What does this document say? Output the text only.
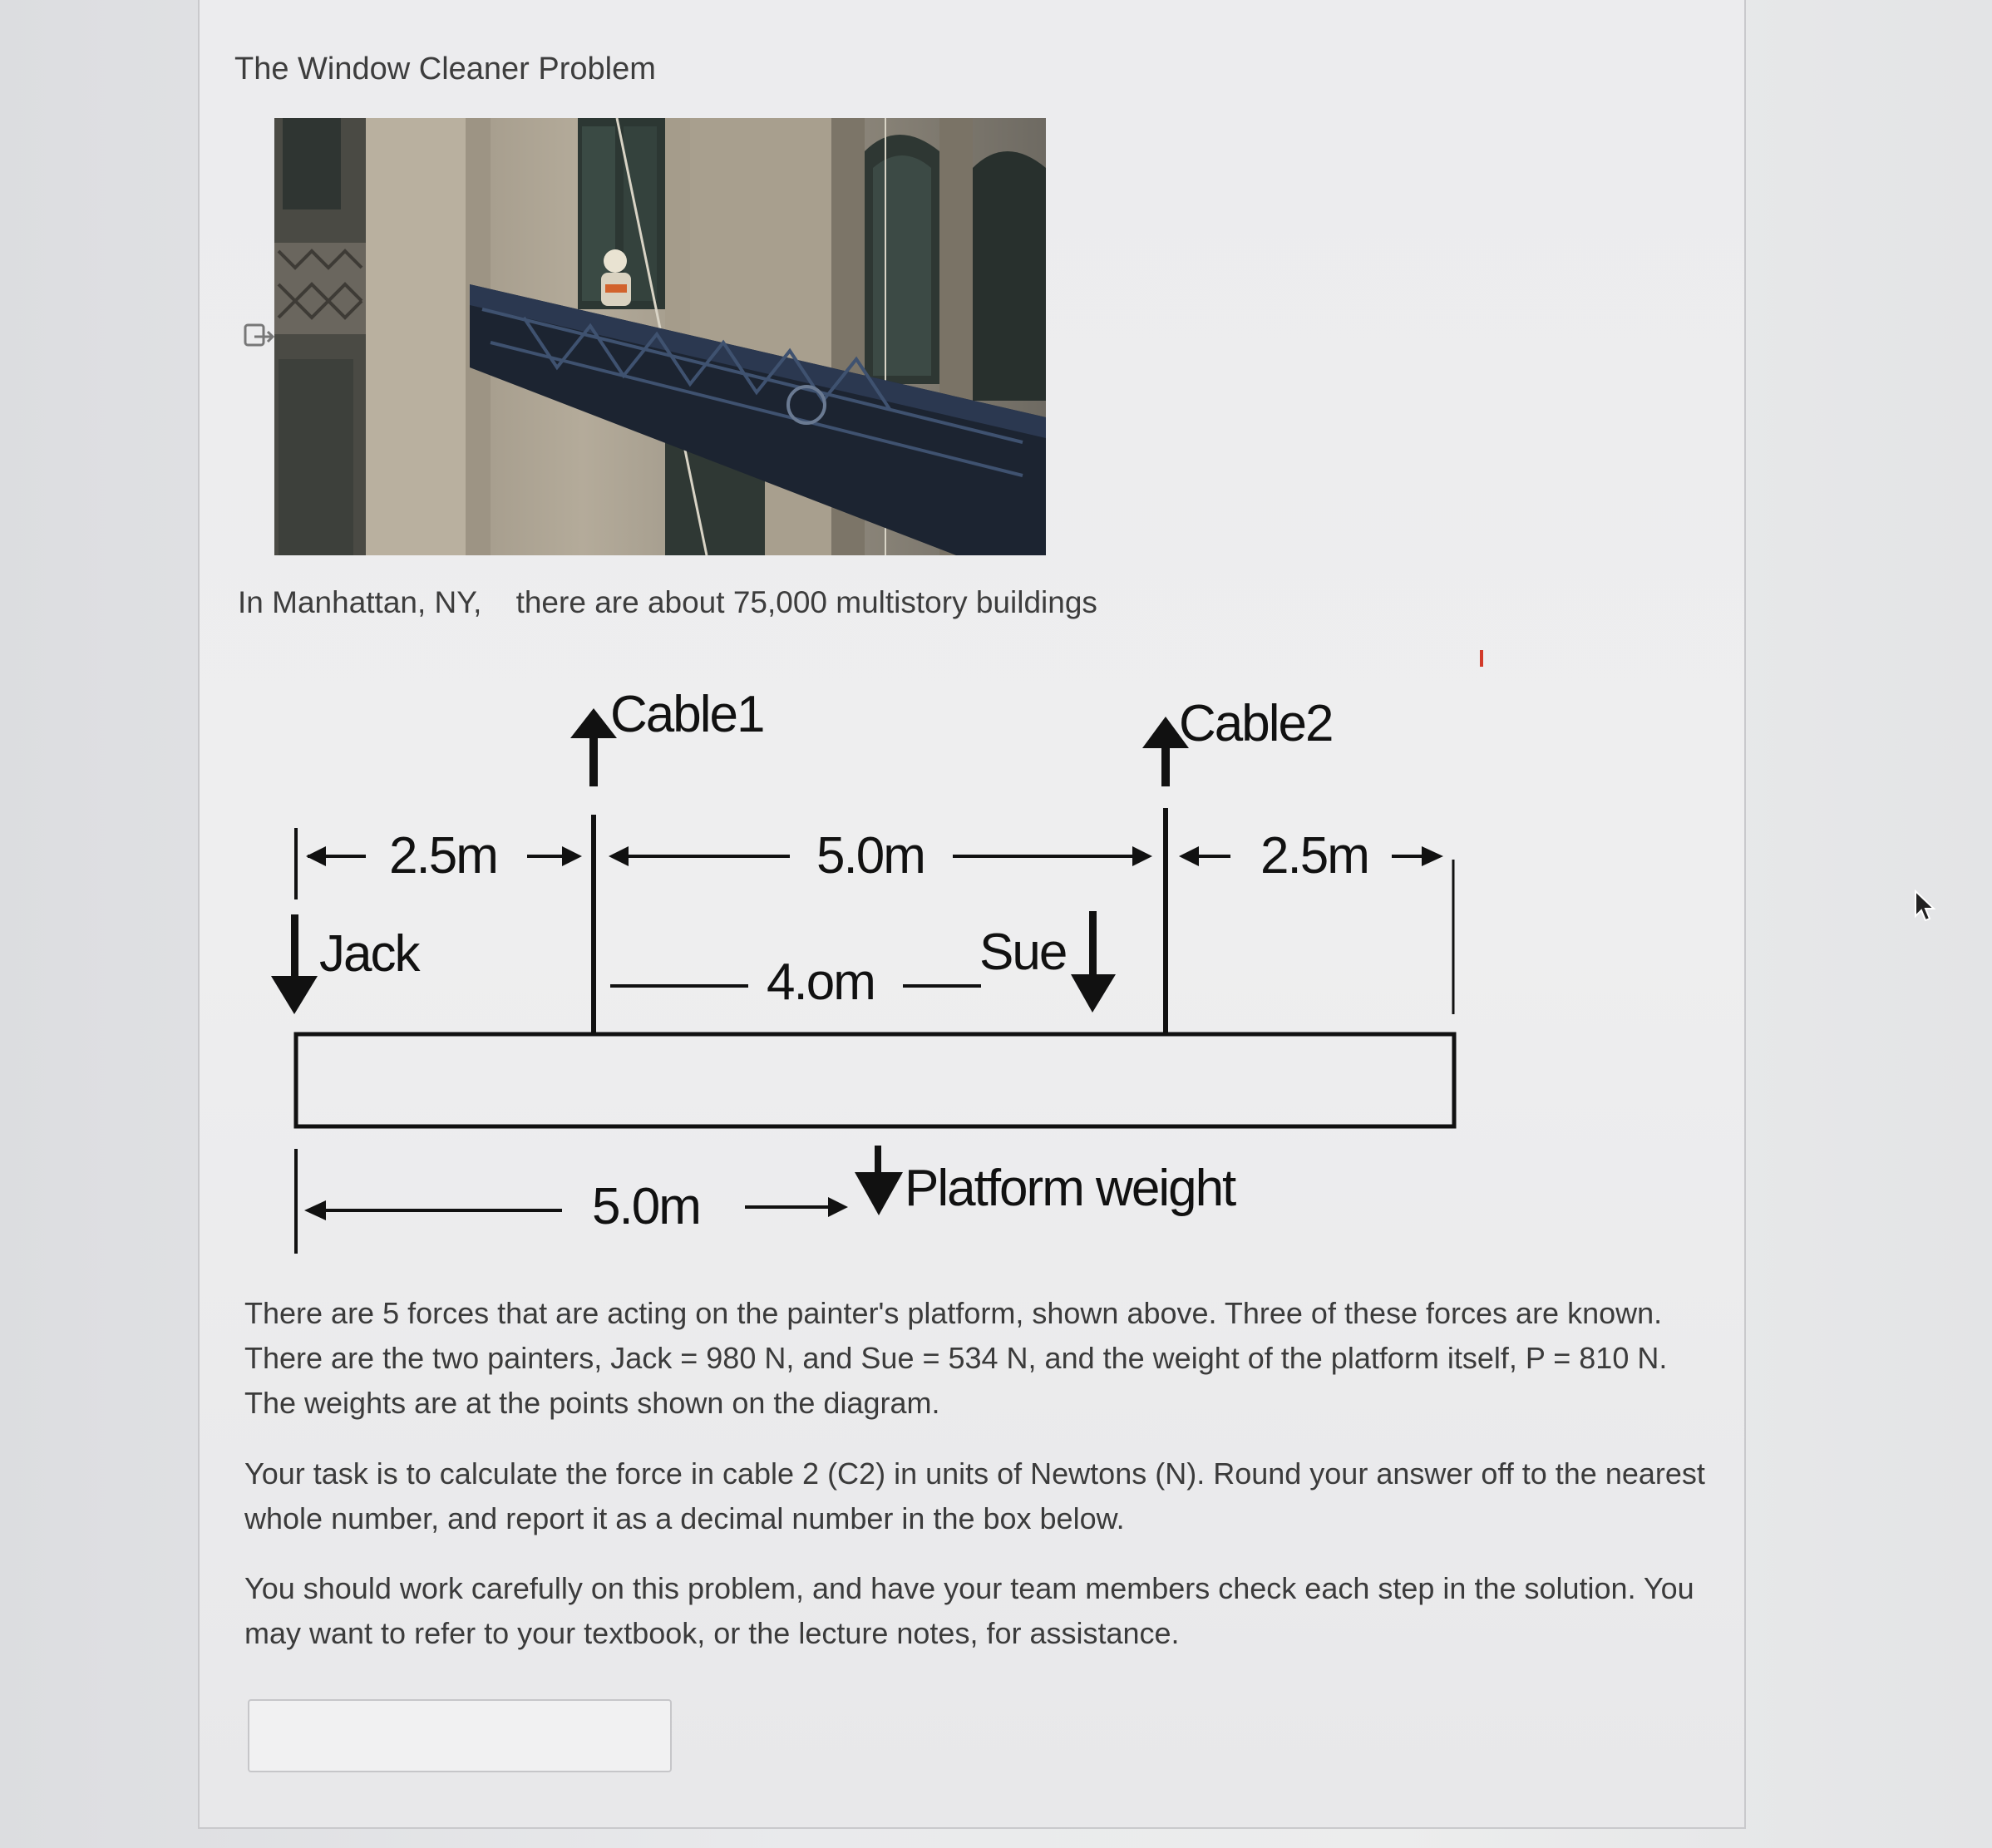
The Window Cleaner Problem
In Manhattan, NY, there are about 75,000 multistory buildings
Cable1	Cable2
2.5m	5.0m	2.5m
Jack	4.om
Sue
5.0m	Platform weight
There are 5 forces that are acting on the painter's platform, shown above. Three of these forces are known. There are the two painters, Jack = 980 N, and Sue = 534 N, and the weight of the platform itself, P = 810 N. The weights are at the points shown on the diagram.
Your task is to calculate the force in cable 2 (C2) in units of Newtons (N). Round your answer off to the nearest whole number, and report it as a decimal number in the box below.
You should work carefully on this problem, and have your team members check each step in the solution. You may want to refer to your textbook, or the lecture notes, for assistance.
